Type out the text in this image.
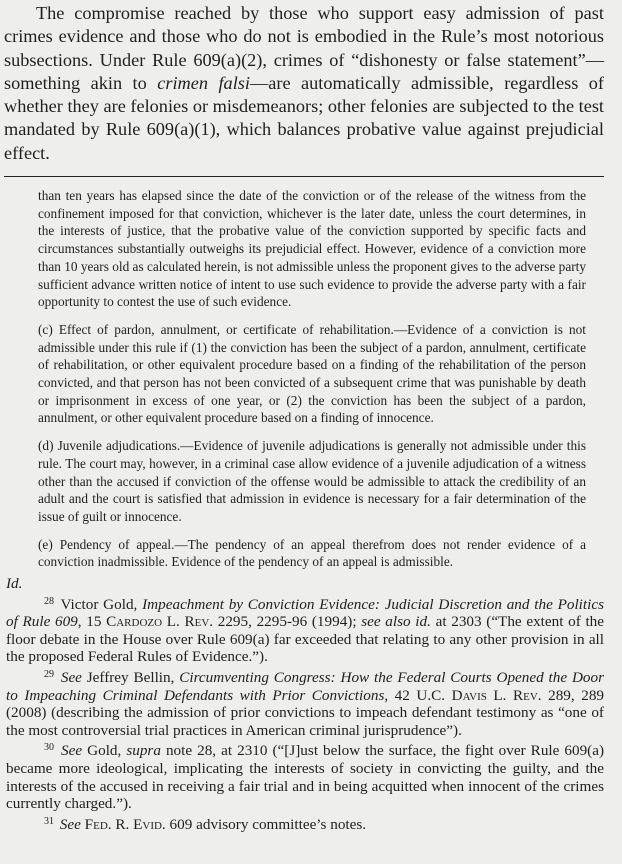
The compromise reached by those who support easy admission of past crimes evidence and those who do not is embodied in the Rule’s most notorious subsections. Under Rule 609(a)(2), crimes of “dishonesty or false statement”—something akin to crimen falsi—are automatically admissible, regardless of whether they are felonies or misdemeanors; other felonies are subjected to the test mandated by Rule 609(a)(1), which balances probative value against prejudicial effect.

than ten years has elapsed since the date of the conviction or of the release of the witness from the confinement imposed for that conviction, whichever is the later date, unless the court determines, in the interests of justice, that the probative value of the conviction supported by specific facts and circumstances substantially outweighs its prejudicial effect. However, evidence of a conviction more than 10 years old as calculated herein, is not admissible unless the proponent gives to the adverse party sufficient advance written notice of intent to use such evidence to provide the adverse party with a fair opportunity to contest the use of such evidence.

(c) Effect of pardon, annulment, or certificate of rehabilitation.—Evidence of a conviction is not admissible under this rule if (1) the conviction has been the subject of a pardon, annulment, certificate of rehabilitation, or other equivalent procedure based on a finding of the rehabilitation of the person convicted, and that person has not been convicted of a subsequent crime that was punishable by death or imprisonment in excess of one year, or (2) the conviction has been the subject of a pardon, annulment, or other equivalent procedure based on a finding of innocence.

(d) Juvenile adjudications.—Evidence of juvenile adjudications is generally not admissible under this rule. The court may, however, in a criminal case allow evidence of a juvenile adjudication of a witness other than the accused if conviction of the offense would be admissible to attack the credibility of an adult and the court is satisfied that admission in evidence is necessary for a fair determination of the issue of guilt or innocence.

(e) Pendency of appeal.—The pendency of an appeal therefrom does not render evidence of a conviction inadmissible. Evidence of the pendency of an appeal is admissible.

Id.

$^{28}$ Victor Gold, Impeachment by Conviction Evidence: Judicial Discretion and the Politics of Rule 609, 15 Cardozo L. Rev. 2295, 2295-96 (1994); see also id. at 2303 (“The extent of the floor debate in the House over Rule 609(a) far exceeded that relating to any other provision in all the proposed Federal Rules of Evidence.”).

$^{29}$ See Jeffrey Bellin, Circumventing Congress: How the Federal Courts Opened the Door to Impeaching Criminal Defendants with Prior Convictions, 42 U.C. Davis L. Rev. 289, 289 (2008) (describing the admission of prior convictions to impeach defendant testimony as “one of the most controversial trial practices in American criminal jurisprudence”).

$^{30}$ See Gold, supra note 28, at 2310 (“[J]ust below the surface, the fight over Rule 609(a) became more ideological, implicating the interests of society in convicting the guilty, and the interests of the accused in receiving a fair trial and in being acquitted when innocent of the crimes currently charged.”).

$^{31}$ See Fed. R. Evid. 609 advisory committee’s notes.
